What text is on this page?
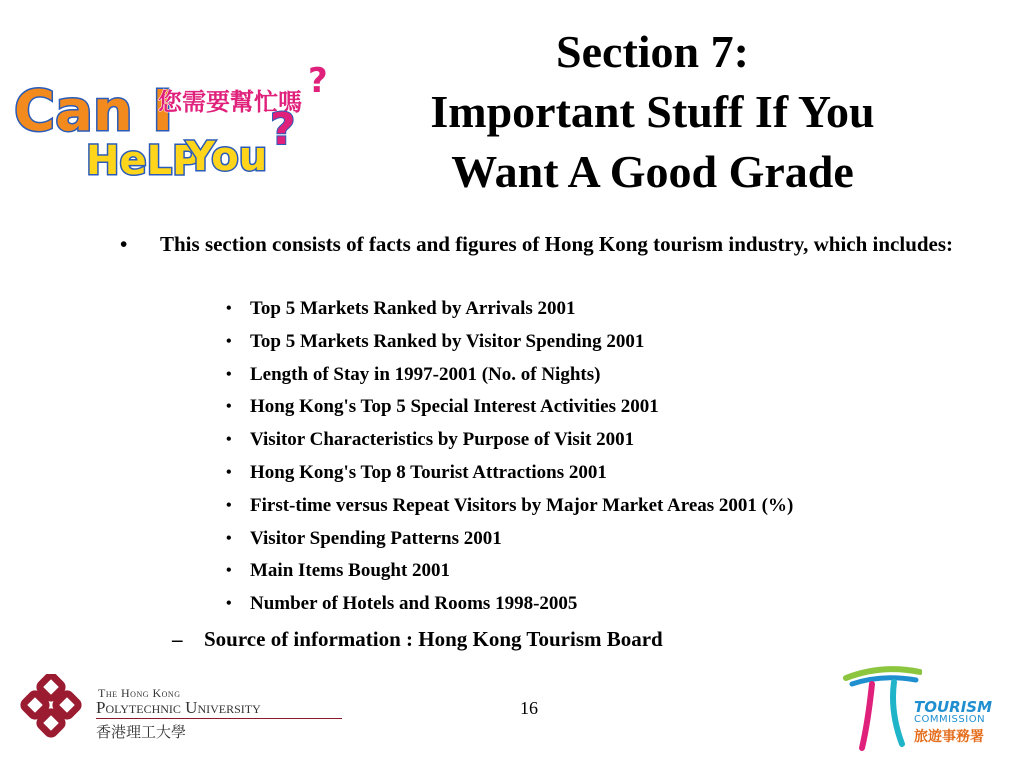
Can I
HeLP
You
您需要幫忙嗎
?
?
Section 7:
Important Stuff If You
Want A Good Grade
• This section consists of facts and figures of Hong Kong tourism industry, which includes:
• Top 5 Markets Ranked by Arrivals 2001
• Top 5 Markets Ranked by Visitor Spending 2001
• Length of Stay in 1997-2001 (No. of Nights)
• Hong Kong's Top 5 Special Interest Activities 2001
• Visitor Characteristics by Purpose of Visit 2001
• Hong Kong's Top 8 Tourist Attractions 2001
• First-time versus Repeat Visitors by Major Market Areas 2001 (%)
• Visitor Spending Patterns 2001
• Main Items Bought 2001
• Number of Hotels and Rooms 1998-2005
– Source of information : Hong Kong Tourism Board
16
The Hong Kong
Polytechnic University
香港理工大學
TOURISM
COMMISSION
旅遊事務署
